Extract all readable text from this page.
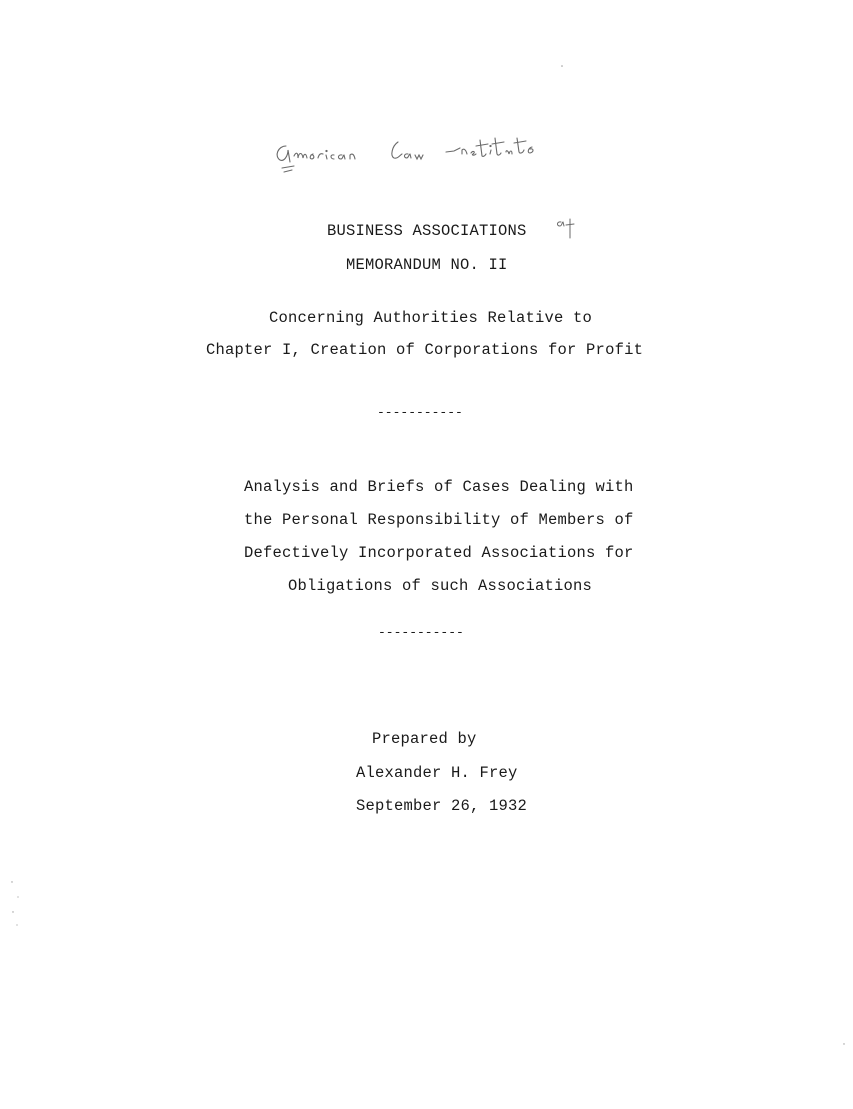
BUSINESS ASSOCIATIONS
MEMORANDUM NO. II
Concerning Authorities Relative to
Chapter I, Creation of Corporations for Profit
-----------
Analysis and Briefs of Cases Dealing with
the Personal Responsibility of Members of
Defectively Incorporated Associations for
Obligations of such Associations
-----------
Prepared by
Alexander H. Frey
September 26, 1932
